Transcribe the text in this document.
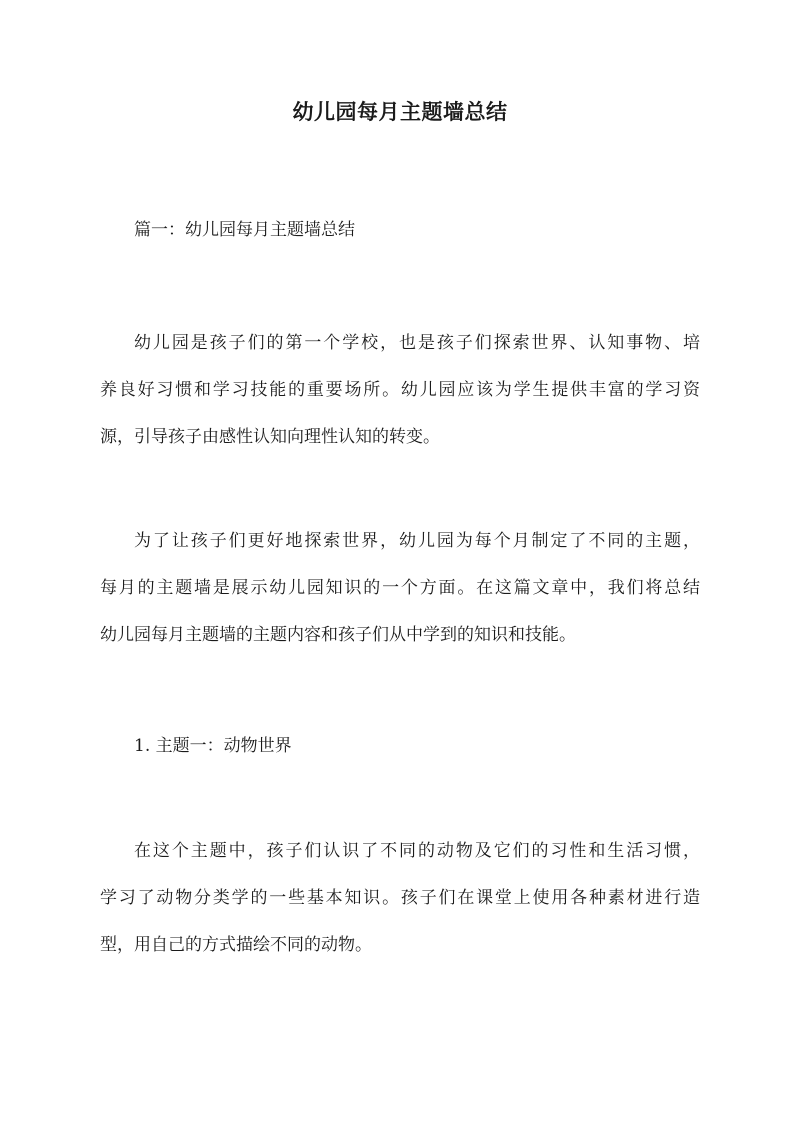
幼儿园每月主题墙总结
篇一：幼儿园每月主题墙总结
幼儿园是孩子们的第一个学校，也是孩子们探索世界、认知事物、培
养良好习惯和学习技能的重要场所。幼儿园应该为学生提供丰富的学习资
源，引导孩子由感性认知向理性认知的转变。
为了让孩子们更好地探索世界，幼儿园为每个月制定了不同的主题，
每月的主题墙是展示幼儿园知识的一个方面。在这篇文章中，我们将总结
幼儿园每月主题墙的主题内容和孩子们从中学到的知识和技能。
1. 主题一：动物世界
在这个主题中，孩子们认识了不同的动物及它们的习性和生活习惯，
学习了动物分类学的一些基本知识。孩子们在课堂上使用各种素材进行造
型，用自己的方式描绘不同的动物。
